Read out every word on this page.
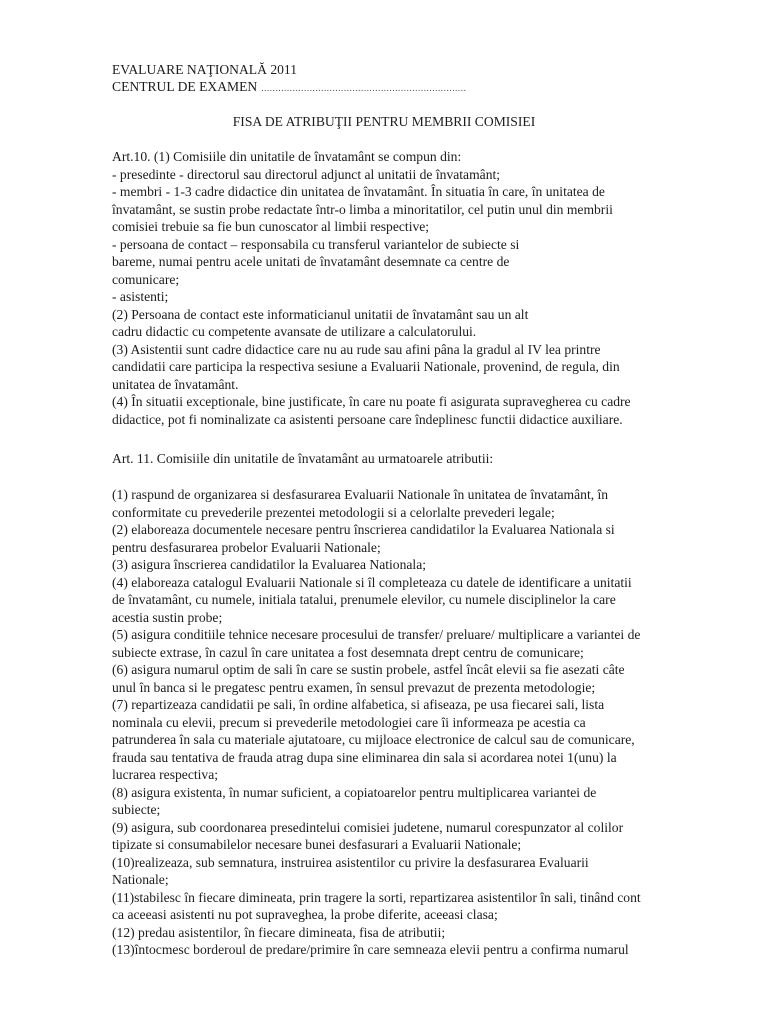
EVALUARE NAŢIONALĂ 2011
CENTRUL DE EXAMEN ........................................................................
FISA DE ATRIBUŢII PENTRU MEMBRII COMISIEI
Art.10. (1) Comisiile din unitatile de învatamânt se compun din:
- presedinte - directorul sau directorul adjunct al unitatii de învatamânt;
- membri - 1-3 cadre didactice din unitatea de învatamânt. În situatia în care, în unitatea de
învatamânt, se sustin probe redactate într-o limba a minoritatilor, cel putin unul din membrii
comisiei trebuie sa fie bun cunoscator al limbii respective;
- persoana de contact – responsabila cu transferul variantelor de subiecte si
bareme, numai pentru acele unitati de învatamânt desemnate ca centre de
comunicare;
- asistenti;
(2) Persoana de contact este informaticianul unitatii de învatamânt sau un alt
cadru didactic cu competente avansate de utilizare a calculatorului.
(3) Asistentii sunt cadre didactice care nu au rude sau afini pâna la gradul al IV lea printre
candidatii care participa la respectiva sesiune a Evaluarii Nationale, provenind, de regula, din
unitatea de învatamânt.
(4) În situatii exceptionale, bine justificate, în care nu poate fi asigurata supravegherea cu cadre
didactice, pot fi nominalizate ca asistenti persoane care îndeplinesc functii didactice auxiliare.
Art. 11. Comisiile din unitatile de învatamânt au urmatoarele atributii:
(1) raspund de organizarea si desfasurarea Evaluarii Nationale în unitatea de învatamânt, în
conformitate cu prevederile prezentei metodologii si a celorlalte prevederi legale;
(2) elaboreaza documentele necesare pentru înscrierea candidatilor la Evaluarea Nationala si
pentru desfasurarea probelor Evaluarii Nationale;
(3) asigura înscrierea candidatilor la Evaluarea Nationala;
(4) elaboreaza catalogul Evaluarii Nationale si îl completeaza cu datele de identificare a unitatii
de învatamânt, cu numele, initiala tatalui, prenumele elevilor, cu numele disciplinelor la care
acestia sustin probe;
(5) asigura conditiile tehnice necesare procesului de transfer/ preluare/ multiplicare a variantei de
subiecte extrase, în cazul în care unitatea a fost desemnata drept centru de comunicare;
(6) asigura numarul optim de sali în care se sustin probele, astfel încât elevii sa fie asezati câte
unul în banca si le pregatesc pentru examen, în sensul prevazut de prezenta metodologie;
(7) repartizeaza candidatii pe sali, în ordine alfabetica, si afiseaza, pe usa fiecarei sali, lista
nominala cu elevii, precum si prevederile metodologiei care îi informeaza pe acestia ca
patrunderea în sala cu materiale ajutatoare, cu mijloace electronice de calcul sau de comunicare,
frauda sau tentativa de frauda atrag dupa sine eliminarea din sala si acordarea notei 1(unu) la
lucrarea respectiva;
(8) asigura existenta, în numar suficient, a copiatoarelor pentru multiplicarea variantei de
subiecte;
(9) asigura, sub coordonarea presedintelui comisiei judetene, numarul corespunzator al colilor
tipizate si consumabilelor necesare bunei desfasurari a Evaluarii Nationale;
(10)realizeaza, sub semnatura, instruirea asistentilor cu privire la desfasurarea Evaluarii
Nationale;
(11)stabilesc în fiecare dimineata, prin tragere la sorti, repartizarea asistentilor în sali, tinând cont
ca aceeasi asistenti nu pot supraveghea, la probe diferite, aceeasi clasa;
(12) predau asistentilor, în fiecare dimineata, fisa de atributii;
(13)întocmesc borderoul de predare/primire în care semneaza elevii pentru a confirma numarul
